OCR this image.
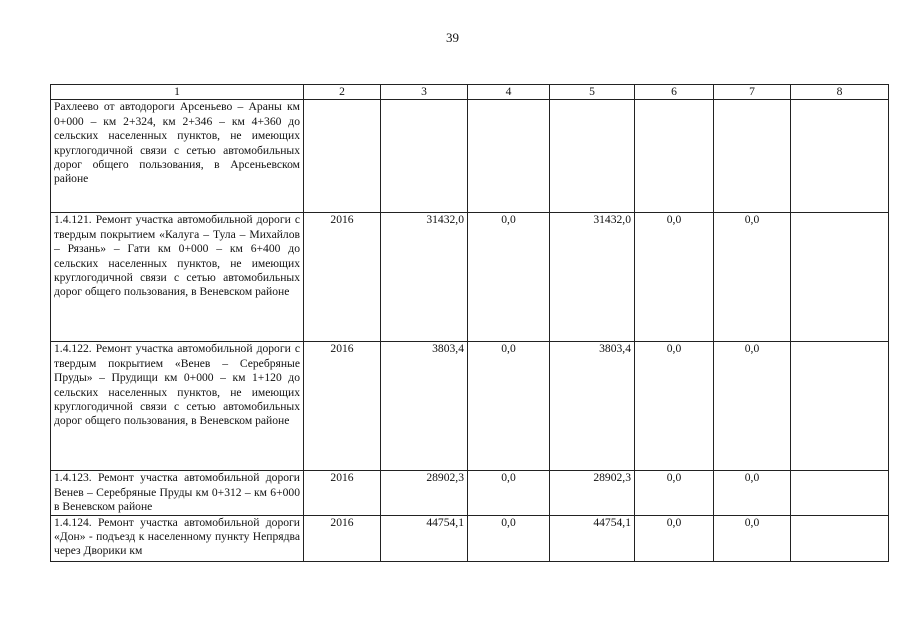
39
1	2	3	4	5	6	7	8
Рахлеево от автодороги Арсеньево – Араны км 0+000 – км 2+324, км 2+346 – км 4+360 до сельских населенных пунктов, не имеющих круглогодичной связи с сетью автомобильных дорог общего пользования, в Арсеньевском районе							
1.4.121. Ремонт участка автомобильной дороги с твердым покрытием «Калуга – Тула – Михайлов – Рязань» – Гати км 0+000 – км 6+400 до сельских населенных пунктов, не имеющих круглогодичной связи с сетью автомобильных дорог общего пользования, в Веневском районе	2016	31432,0	0,0	31432,0	0,0	0,0	
1.4.122. Ремонт участка автомобильной дороги с твердым покрытием «Венев – Серебряные Пруды» – Прудищи км 0+000 – км 1+120 до сельских населенных пунктов, не имеющих круглогодичной связи с сетью автомобильных дорог общего пользования, в Веневском районе	2016	3803,4	0,0	3803,4	0,0	0,0	
1.4.123. Ремонт участка автомобильной дороги Венев – Серебряные Пруды км 0+312 – км 6+000 в Веневском районе	2016	28902,3	0,0	28902,3	0,0	0,0	
1.4.124. Ремонт участка автомобильной дороги «Дон» - подъезд к населенному пункту Непрядва через Дворики км	2016	44754,1	0,0	44754,1	0,0	0,0	
